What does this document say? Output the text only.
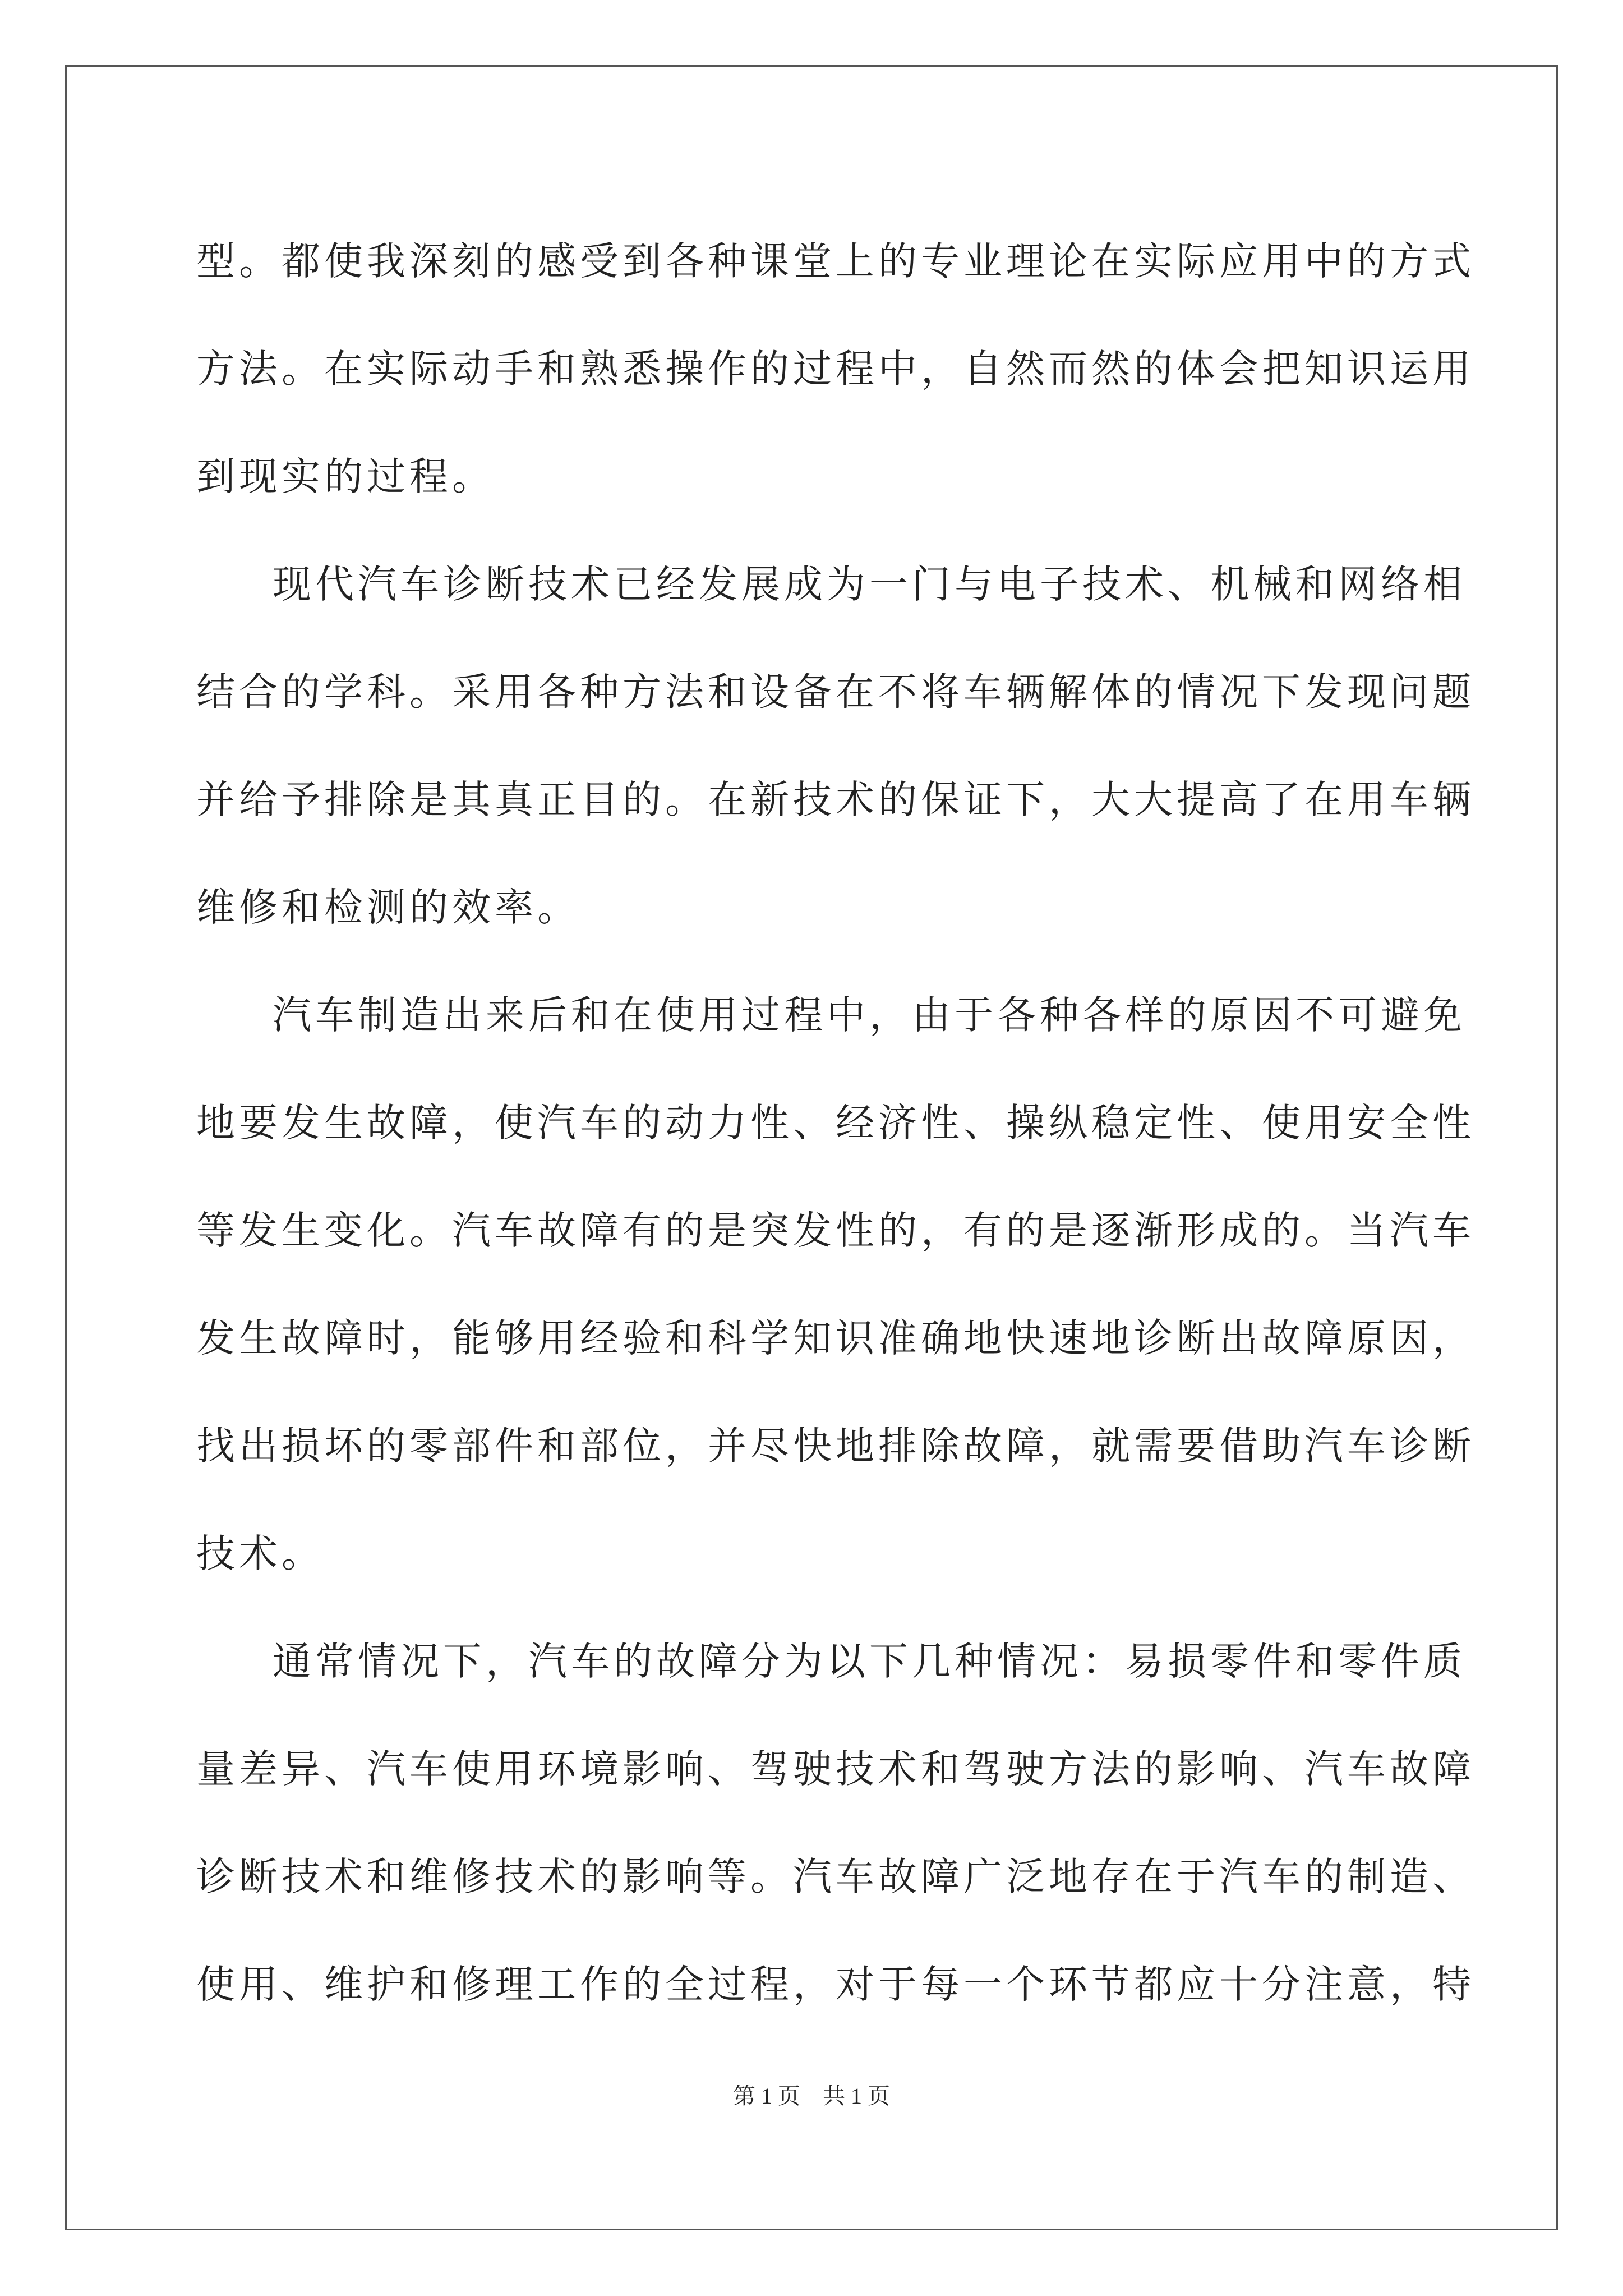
型。都使我深刻的感受到各种课堂上的专业理论在实际应用中的方式
方法。在实际动手和熟悉操作的过程中，自然而然的体会把知识运用
到现实的过程。
现代汽车诊断技术已经发展成为一门与电子技术、机械和网络相
结合的学科。采用各种方法和设备在不将车辆解体的情况下发现问题
并给予排除是其真正目的。在新技术的保证下，大大提高了在用车辆
维修和检测的效率。
汽车制造出来后和在使用过程中，由于各种各样的原因不可避免
地要发生故障，使汽车的动力性、经济性、操纵稳定性、使用安全性
等发生变化。汽车故障有的是突发性的，有的是逐渐形成的。当汽车
发生故障时，能够用经验和科学知识准确地快速地诊断出故障原因，
找出损坏的零部件和部位，并尽快地排除故障，就需要借助汽车诊断
技术。
通常情况下，汽车的故障分为以下几种情况：易损零件和零件质
量差异、汽车使用环境影响、驾驶技术和驾驶方法的影响、汽车故障
诊断技术和维修技术的影响等。汽车故障广泛地存在于汽车的制造、
使用、维护和修理工作的全过程，对于每一个环节都应十分注意，特
第 1 页　共 1 页
